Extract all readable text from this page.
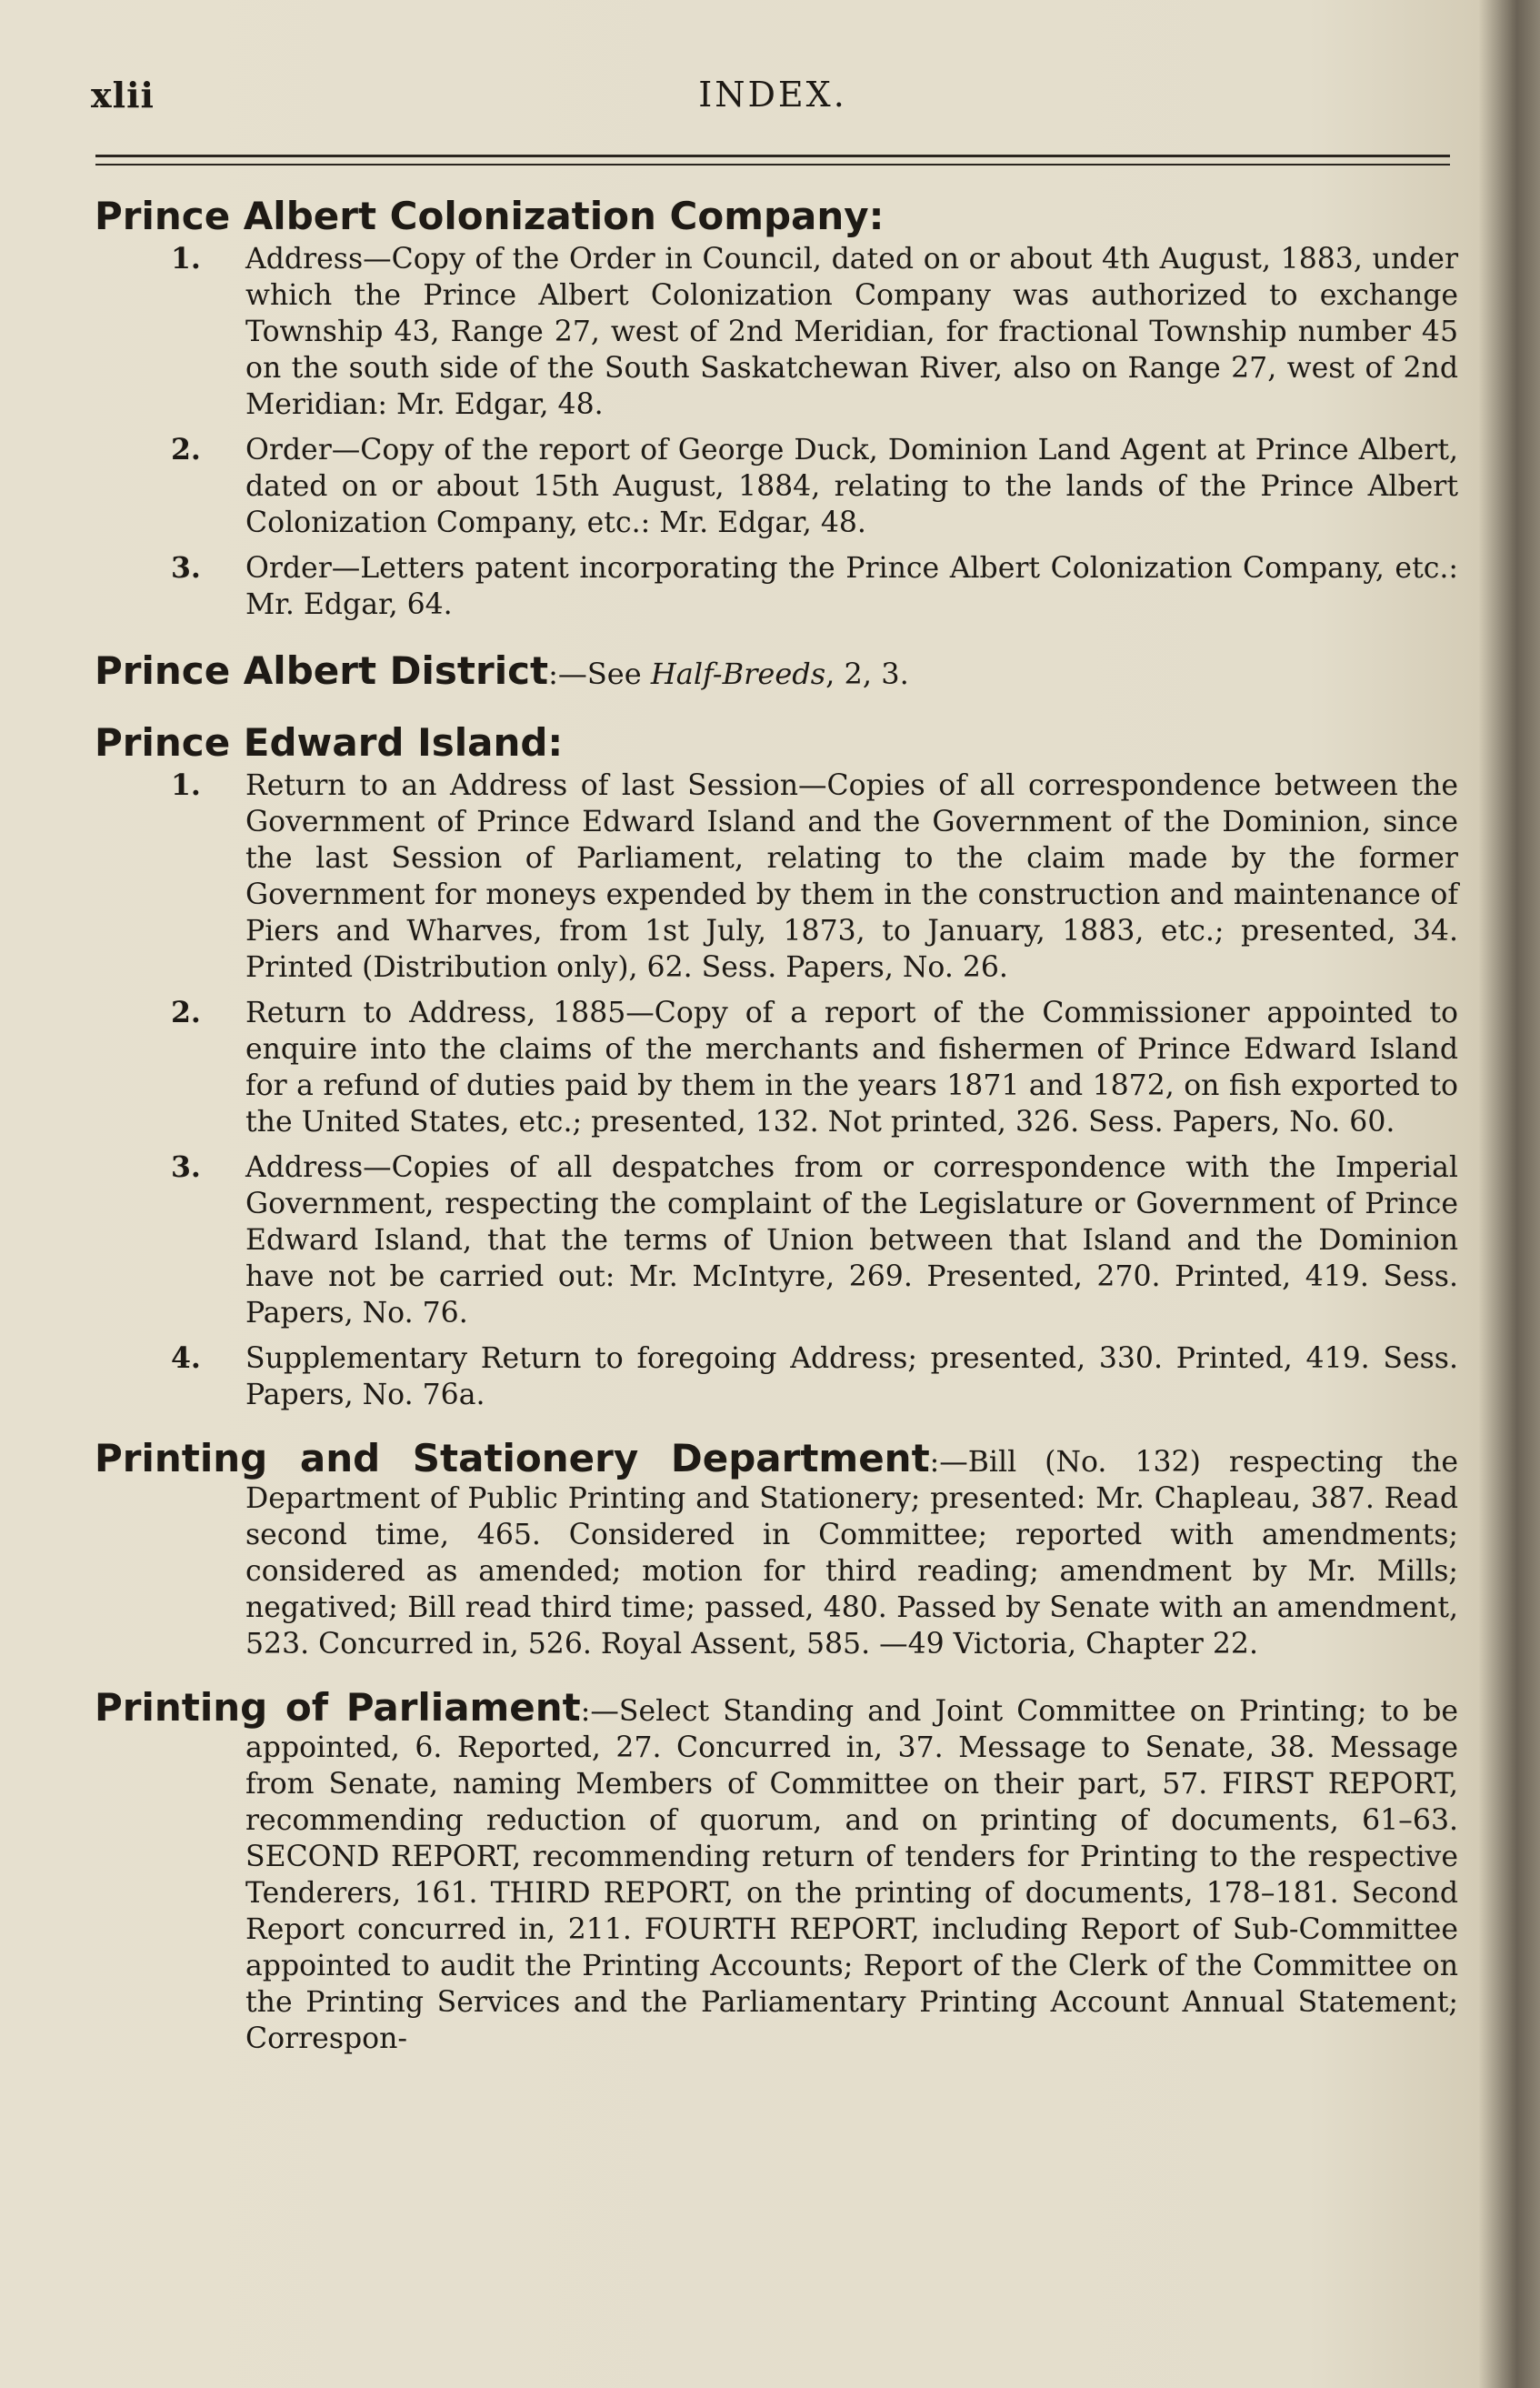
xlii	INDEX.
Prince Albert Colonization Company:
1.	Address—Copy of the Order in Council, dated on or about 4th August, 1883, under which the Prince Albert Colonization Company was authorized to exchange Township 43, Range 27, west of 2nd Meridian, for fractional Township number 45 on the south side of the South Saskatchewan River, also on Range 27, west of 2nd Meridian: Mr. Edgar, 48.
2.	Order—Copy of the report of George Duck, Dominion Land Agent at Prince Albert, dated on or about 15th August, 1884, relating to the lands of the Prince Albert Colonization Company, etc.: Mr. Edgar, 48.
3.	Order—Letters patent incorporating the Prince Albert Colonization Company, etc.: Mr. Edgar, 64.
Prince Albert District:—See Half-Breeds, 2, 3.
Prince Edward Island:
1.	Return to an Address of last Session—Copies of all correspondence between the Government of Prince Edward Island and the Government of the Dominion, since the last Session of Parliament, relating to the claim made by the former Government for moneys expended by them in the construction and maintenance of Piers and Wharves, from 1st July, 1873, to January, 1883, etc.; presented, 34. Printed (Distribution only), 62. Sess. Papers, No. 26.
2.	Return to Address, 1885—Copy of a report of the Commissioner appointed to enquire into the claims of the merchants and fishermen of Prince Edward Island for a refund of duties paid by them in the years 1871 and 1872, on fish exported to the United States, etc.; presented, 132. Not printed, 326. Sess. Papers, No. 60.
3.	Address—Copies of all despatches from or correspondence with the Imperial Government, respecting the complaint of the Legislature or Government of Prince Edward Island, that the terms of Union between that Island and the Dominion have not be carried out: Mr. McIntyre, 269. Presented, 270. Printed, 419. Sess. Papers, No. 76.
4.	Supplementary Return to foregoing Address; presented, 330. Printed, 419. Sess. Papers, No. 76a.

Printing and Stationery Department:—Bill (No. 132) respecting the Department of Public Printing and Stationery; presented: Mr. Chapleau, 387. Read second time, 465. Considered in Committee; reported with amendments; considered as amended; motion for third reading; amendment by Mr. Mills; negatived; Bill read third time; passed, 480. Passed by Senate with an amendment, 523. Concurred in, 526. Royal Assent, 585. —49 Victoria, Chapter 22.

Printing of Parliament:—Select Standing and Joint Committee on Printing; to be appointed, 6. Reported, 27. Concurred in, 37. Message to Senate, 38. Message from Senate, naming Members of Committee on their part, 57. FIRST REPORT, recommending reduction of quorum, and on printing of documents, 61–63. SECOND REPORT, recommending return of tenders for Printing to the respective Tenderers, 161. THIRD REPORT, on the printing of documents, 178–181. Second Report concurred in, 211. FOURTH REPORT, including Report of Sub-Committee appointed to audit the Printing Accounts; Report of the Clerk of the Committee on the Printing Services and the Parliamentary Printing Account Annual Statement; Correspon-
